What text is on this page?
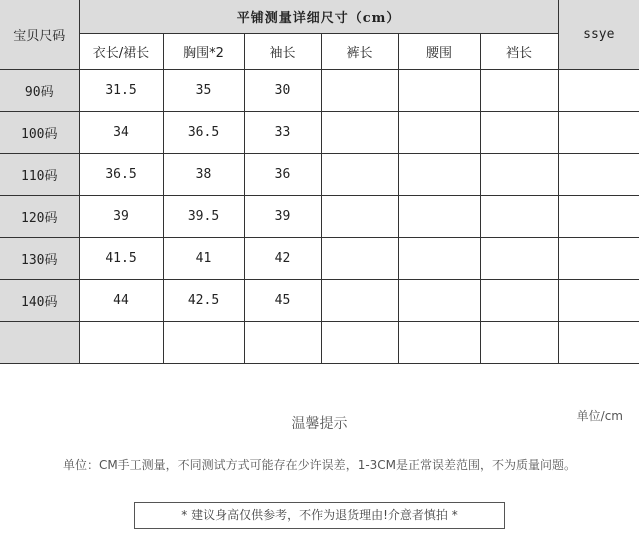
宝贝尺码	平铺测量详细尺寸（cm）						ssye
	衣长/裙长	胸围*2	袖长	裤长	腰围	裆长	
90码	31.5	35	30				
100码	34	36.5	33				
110码	36.5	38	36				
120码	39	39.5	39				
130码	41.5	41	42				
140码	44	42.5	45				

单位/cm
温馨提示
单位：CM手工测量，不同测试方式可能存在少许误差，1-3CM是正常误差范围，不为质量问题。
* 建议身高仅供参考，不作为退货理由!介意者慎拍 *
